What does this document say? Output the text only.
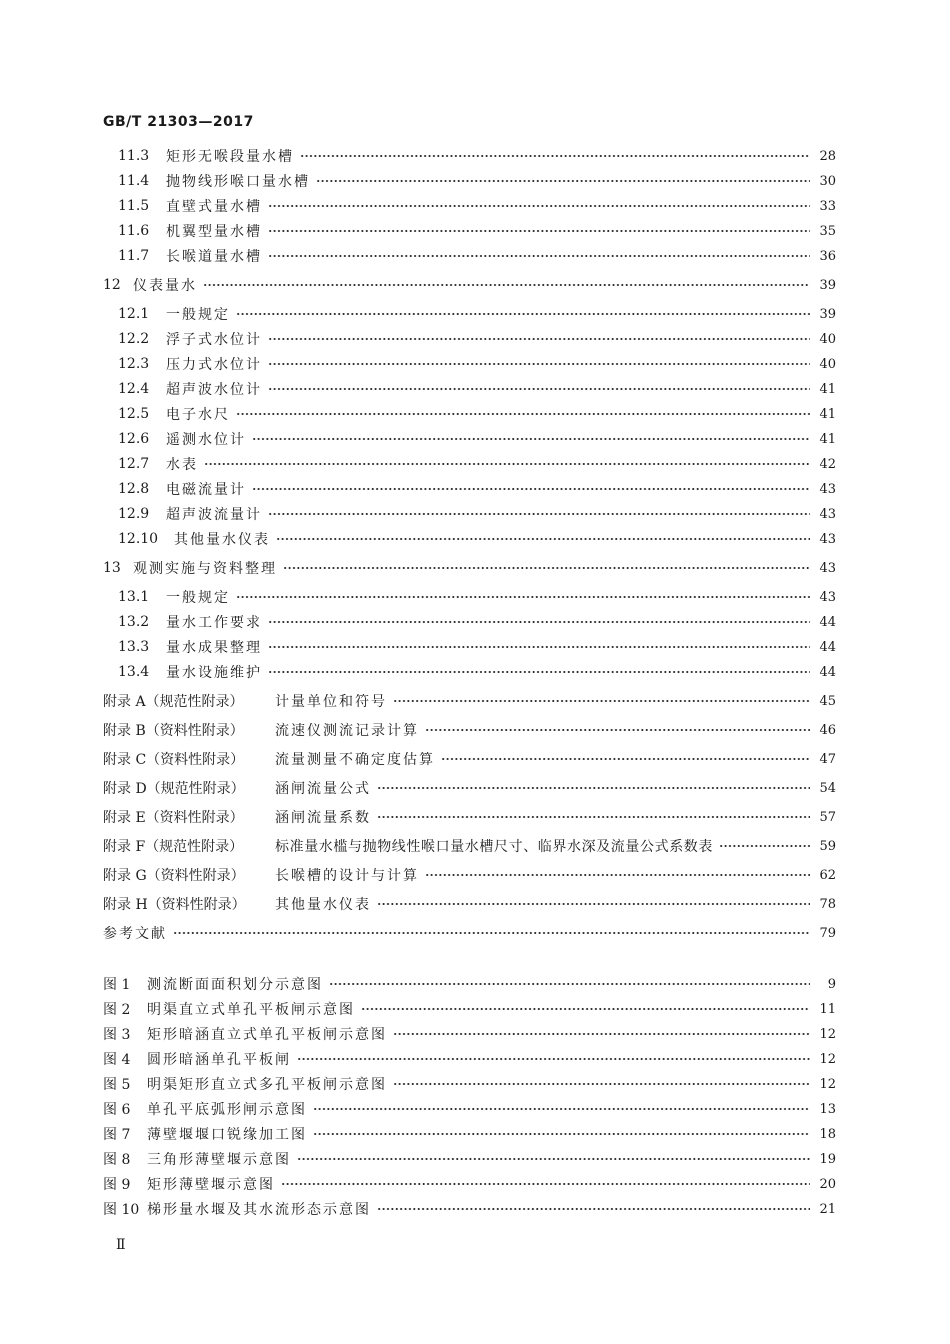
GB/T 21303—2017
11.3	矩形无喉段量水槽	28
11.4	抛物线形喉口量水槽	30
11.5	直壁式量水槽	33
11.6	机翼型量水槽	35
11.7	长喉道量水槽	36
12 仪表量水	39
12.1	一般规定	39
12.2	浮子式水位计	40
12.3	压力式水位计	40
12.4	超声波水位计	41
12.5	电子水尺	41
12.6	遥测水位计	41
12.7	水表	42
12.8	电磁流量计	43
12.9	超声波流量计	43
12.10	其他量水仪表	43
13 观测实施与资料整理	43
13.1	一般规定	43
13.2	量水工作要求	44
13.3	量水成果整理	44
13.4	量水设施维护	44
附录 A（规范性附录）	计量单位和符号	45
附录 B（资料性附录）	流速仪测流记录计算	46
附录 C（资料性附录）	流量测量不确定度估算	47
附录 D（规范性附录）	涵闸流量公式	54
附录 E（资料性附录）	涵闸流量系数	57
附录 F（规范性附录）	标准量水槛与抛物线性喉口量水槽尺寸、临界水深及流量公式系数表	59
附录 G（资料性附录）	长喉槽的设计与计算	62
附录 H（资料性附录）	其他量水仪表	78
参考文献	79
图 1	测流断面面积划分示意图	9
图 2	明渠直立式单孔平板闸示意图	11
图 3	矩形暗涵直立式单孔平板闸示意图	12
图 4	圆形暗涵单孔平板闸	12
图 5	明渠矩形直立式多孔平板闸示意图	12
图 6	单孔平底弧形闸示意图	13
图 7	薄壁堰堰口锐缘加工图	18
图 8	三角形薄壁堰示意图	19
图 9	矩形薄壁堰示意图	20
图 10 梯形量水堰及其水流形态示意图	21
Ⅱ
